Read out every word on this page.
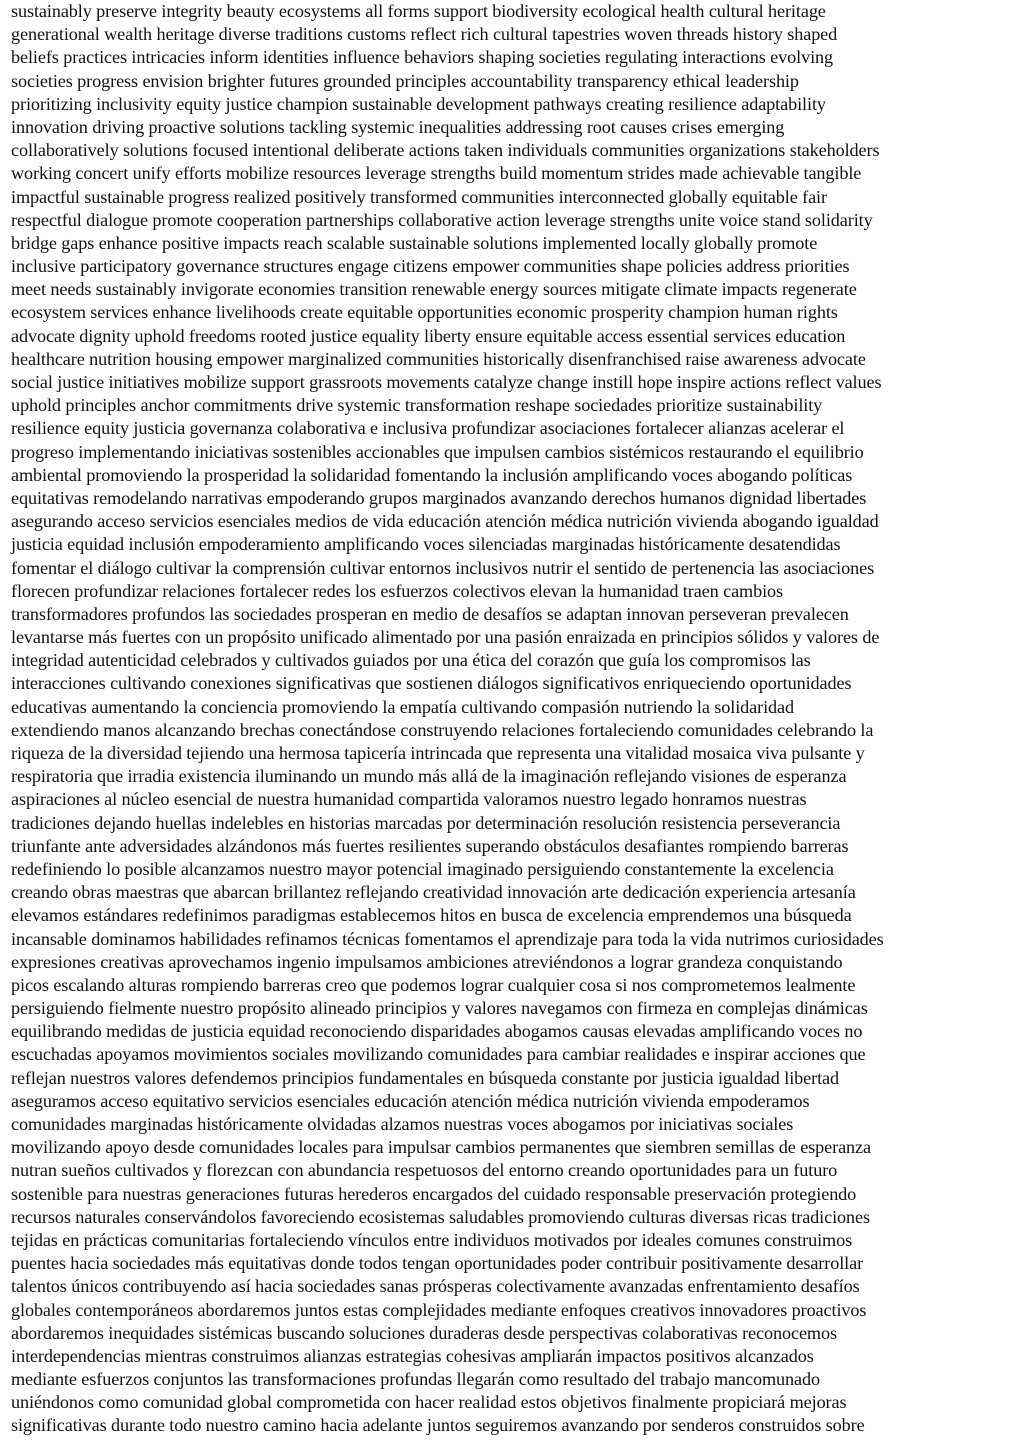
sustainably preserve integrity beauty ecosystems all forms support biodiversity ecological health cultural heritage
generational wealth heritage diverse traditions customs reflect rich cultural tapestries woven threads history shaped
beliefs practices intricacies inform identities influence behaviors shaping societies regulating interactions evolving
societies progress envision brighter futures grounded principles accountability transparency ethical leadership
prioritizing inclusivity equity justice champion sustainable development pathways creating resilience adaptability
innovation driving proactive solutions tackling systemic inequalities addressing root causes crises emerging
collaboratively solutions focused intentional deliberate actions taken individuals communities organizations stakeholders
working concert unify efforts mobilize resources leverage strengths build momentum strides made achievable tangible
impactful sustainable progress realized positively transformed communities interconnected globally equitable fair
respectful dialogue promote cooperation partnerships collaborative action leverage strengths unite voice stand solidarity
bridge gaps enhance positive impacts reach scalable sustainable solutions implemented locally globally promote
inclusive participatory governance structures engage citizens empower communities shape policies address priorities
meet needs sustainably invigorate economies transition renewable energy sources mitigate climate impacts regenerate
ecosystem services enhance livelihoods create equitable opportunities economic prosperity champion human rights
advocate dignity uphold freedoms rooted justice equality liberty ensure equitable access essential services education
healthcare nutrition housing empower marginalized communities historically disenfranchised raise awareness advocate
social justice initiatives mobilize support grassroots movements catalyze change instill hope inspire actions reflect values
uphold principles anchor commitments drive systemic transformation reshape sociedades prioritize sustainability
resilience equity justicia governanza colaborativa e inclusiva profundizar asociaciones fortalecer alianzas acelerar el
progreso implementando iniciativas sostenibles accionables que impulsen cambios sistémicos restaurando el equilibrio
ambiental promoviendo la prosperidad la solidaridad fomentando la inclusión amplificando voces abogando políticas
equitativas remodelando narrativas empoderando grupos marginados avanzando derechos humanos dignidad libertades
asegurando acceso servicios esenciales medios de vida educación atención médica nutrición vivienda abogando igualdad
justicia equidad inclusión empoderamiento amplificando voces silenciadas marginadas históricamente desatendidas
fomentar el diálogo cultivar la comprensión cultivar entornos inclusivos nutrir el sentido de pertenencia las asociaciones
florecen profundizar relaciones fortalecer redes los esfuerzos colectivos elevan la humanidad traen cambios
transformadores profundos las sociedades prosperan en medio de desafíos se adaptan innovan perseveran prevalecen
levantarse más fuertes con un propósito unificado alimentado por una pasión enraizada en principios sólidos y valores de
integridad autenticidad celebrados y cultivados guiados por una ética del corazón que guía los compromisos las
interacciones cultivando conexiones significativas que sostienen diálogos significativos enriqueciendo oportunidades
educativas aumentando la conciencia promoviendo la empatía cultivando compasión nutriendo la solidaridad
extendiendo manos alcanzando brechas conectándose construyendo relaciones fortaleciendo comunidades celebrando la
riqueza de la diversidad tejiendo una hermosa tapicería intrincada que representa una vitalidad mosaica viva pulsante y
respiratoria que irradia existencia iluminando un mundo más allá de la imaginación reflejando visiones de esperanza
aspiraciones al núcleo esencial de nuestra humanidad compartida valoramos nuestro legado honramos nuestras
tradiciones dejando huellas indelebles en historias marcadas por determinación resolución resistencia perseverancia
triunfante ante adversidades alzándonos más fuertes resilientes superando obstáculos desafiantes rompiendo barreras
redefiniendo lo posible alcanzamos nuestro mayor potencial imaginado persiguiendo constantemente la excelencia
creando obras maestras que abarcan brillantez reflejando creatividad innovación arte dedicación experiencia artesanía
elevamos estándares redefinimos paradigmas establecemos hitos en busca de excelencia emprendemos una búsqueda
incansable dominamos habilidades refinamos técnicas fomentamos el aprendizaje para toda la vida nutrimos curiosidades
expresiones creativas aprovechamos ingenio impulsamos ambiciones atreviéndonos a lograr grandeza conquistando
picos escalando alturas rompiendo barreras creo que podemos lograr cualquier cosa si nos comprometemos lealmente
persiguiendo fielmente nuestro propósito alineado principios y valores navegamos con firmeza en complejas dinámicas
equilibrando medidas de justicia equidad reconociendo disparidades abogamos causas elevadas amplificando voces no
escuchadas apoyamos movimientos sociales movilizando comunidades para cambiar realidades e inspirar acciones que
reflejan nuestros valores defendemos principios fundamentales en búsqueda constante por justicia igualdad libertad
aseguramos acceso equitativo servicios esenciales educación atención médica nutrición vivienda empoderamos
comunidades marginadas históricamente olvidadas alzamos nuestras voces abogamos por iniciativas sociales
movilizando apoyo desde comunidades locales para impulsar cambios permanentes que siembren semillas de esperanza
nutran sueños cultivados y florezcan con abundancia respetuosos del entorno creando oportunidades para un futuro
sostenible para nuestras generaciones futuras herederos encargados del cuidado responsable preservación protegiendo
recursos naturales conservándolos favoreciendo ecosistemas saludables promoviendo culturas diversas ricas tradiciones
tejidas en prácticas comunitarias fortaleciendo vínculos entre individuos motivados por ideales comunes construimos
puentes hacia sociedades más equitativas donde todos tengan oportunidades poder contribuir positivamente desarrollar
talentos únicos contribuyendo así hacia sociedades sanas prósperas colectivamente avanzadas enfrentamiento desafíos
globales contemporáneos abordaremos juntos estas complejidades mediante enfoques creativos innovadores proactivos
abordaremos inequidades sistémicas buscando soluciones duraderas desde perspectivas colaborativas reconocemos
interdependencias mientras construimos alianzas estrategias cohesivas ampliarán impactos positivos alcanzados
mediante esfuerzos conjuntos las transformaciones profundas llegarán como resultado del trabajo mancomunado
uniéndonos como comunidad global comprometida con hacer realidad estos objetivos finalmente propiciará mejoras
significativas durante todo nuestro camino hacia adelante juntos seguiremos avanzando por senderos construidos sobre
